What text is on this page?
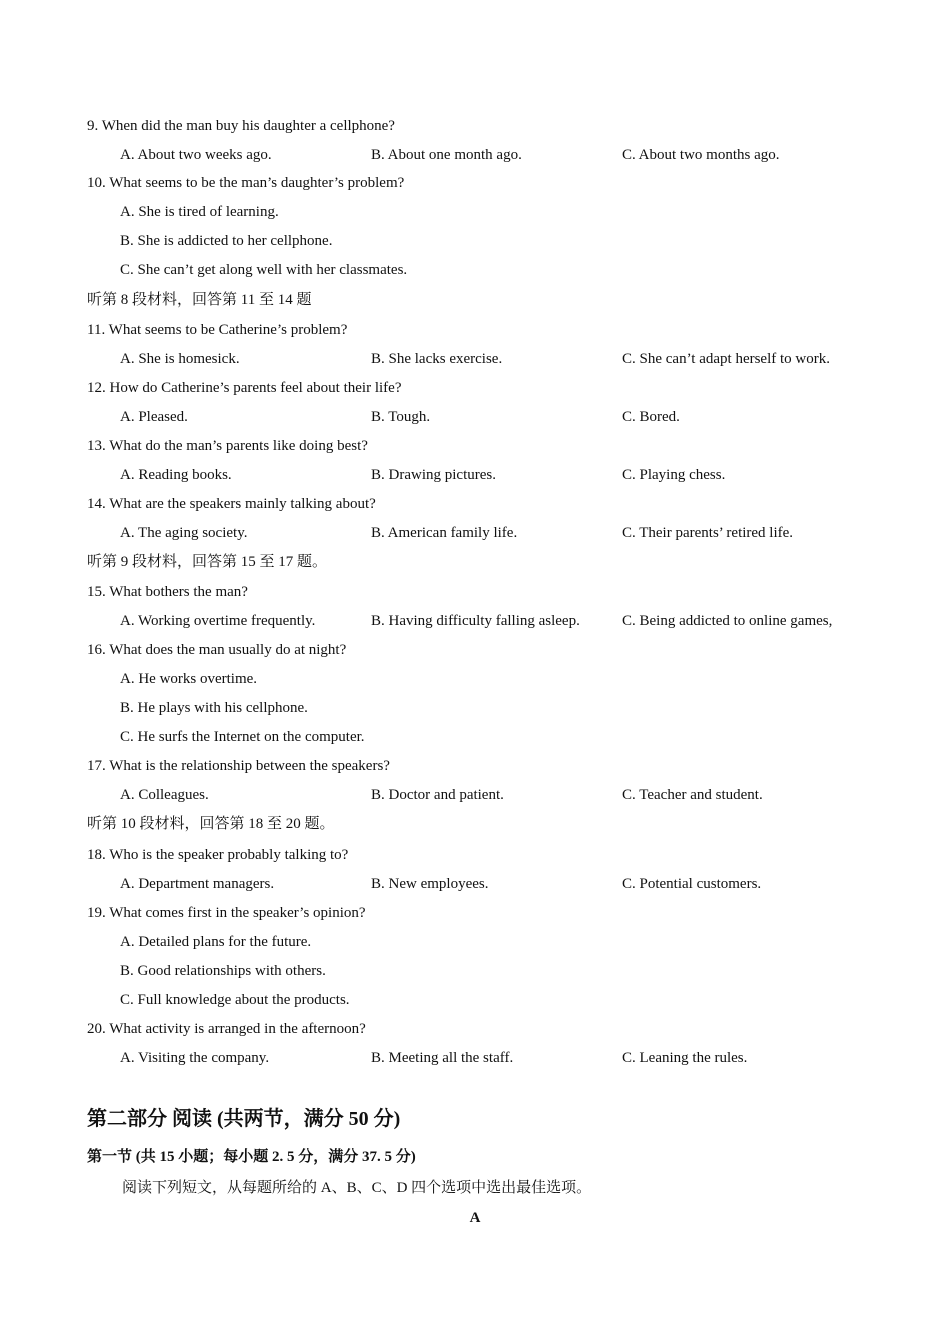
9. When did the man buy his daughter a cellphone?
A. About two weeks ago.	B. About one month ago.	C. About two months ago.
10. What seems to be the man’s daughter’s problem?
A. She is tired of learning.
B. She is addicted to her cellphone.
C. She can’t get along well with her classmates.
听第 8 段材料，回答第 11 至 14 题
11. What seems to be Catherine’s problem?
A. She is homesick.	B. She lacks exercise.	C. She can’t adapt herself to work.
12. How do Catherine’s parents feel about their life?
A. Pleased.	B. Tough.	C. Bored.
13. What do the man’s parents like doing best?
A. Reading books.	B. Drawing pictures.	C. Playing chess.
14. What are the speakers mainly talking about?
A. The aging society.	B. American family life.	C. Their parents’ retired life.
听第 9 段材料，回答第 15 至 17 题。
15. What bothers the man?
A. Working overtime frequently.	B. Having difficulty falling asleep.	C. Being addicted to online games,
16. What does the man usually do at night?
A. He works overtime.
B. He plays with his cellphone.
C. He surfs the Internet on the computer.
17. What is the relationship between the speakers?
A. Colleagues.	B. Doctor and patient.	C. Teacher and student.
听第 10 段材料，回答第 18 至 20 题。
18. Who is the speaker probably talking to?
A. Department managers.	B. New employees.	C. Potential customers.
19. What comes first in the speaker’s opinion?
A. Detailed plans for the future.
B. Good relationships with others.
C. Full knowledge about the products.
20. What activity is arranged in the afternoon?
A. Visiting the company.	B. Meeting all the staff.	C. Leaning the rules.
第二部分 阅读 (共两节，满分 50 分)
第一节 (共 15 小题；每小题 2. 5 分，满分 37. 5 分)
阅读下列短文，从每题所给的 A、B、C、D 四个选项中选出最佳选项。
A
